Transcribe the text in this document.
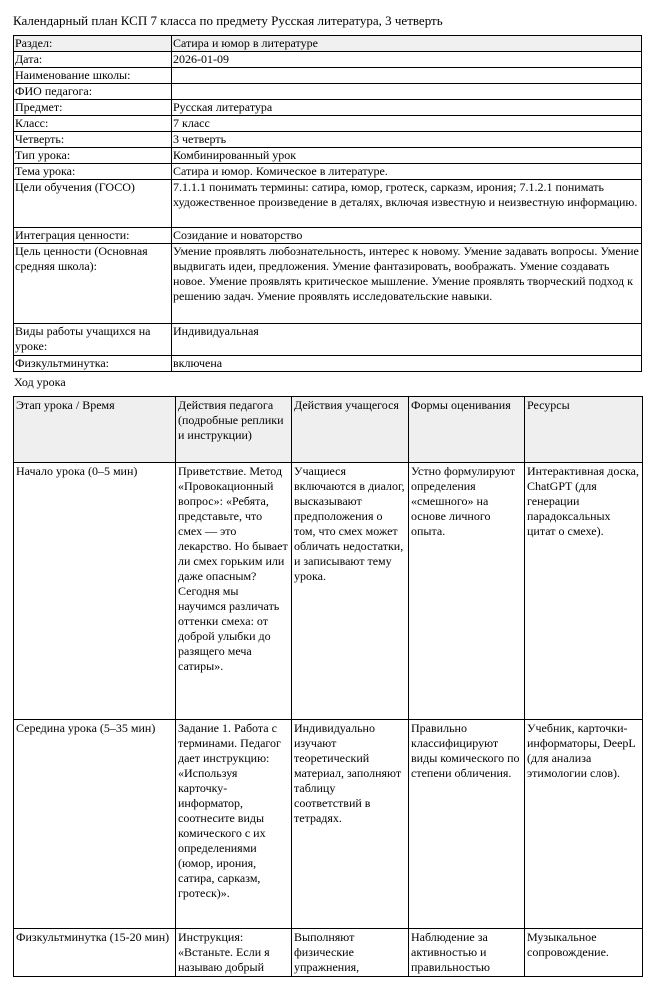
Календарный план КСП 7 класса по предмету Русская литература, 3 четверть
Раздел:	Сатира и юмор в литературе
Дата:	2026-01-09
Наименование школы:	
ФИО педагога:	
Предмет:	Русская литература
Класс:	7 класс
Четверть:	3 четверть
Тип урока:	Комбинированный урок
Тема урока:	Сатира и юмор. Комическое в литературе.
Цели обучения (ГОСО)	7.1.1.1 понимать термины: сатира, юмор, гротеск, сарказм, ирония; 7.1.2.1 понимать художественное произведение в деталях, включая известную и неизвестную информацию.
Интеграция ценности:	Созидание и новаторство
Цель ценности (Основная средняя школа):	Умение проявлять любознательность, интерес к новому. Умение задавать вопросы. Умение выдвигать идеи, предложения. Умение фантазировать, воображать. Умение создавать новое. Умение проявлять критическое мышление. Умение проявлять творческий подход к решению задач. Умение проявлять исследовательские навыки.
Виды работы учащихся на уроке:	Индивидуальная
Физкультминутка:	включена
Ход урока
Этап урока / Время	Действия педагога (подробные реплики и инструкции)	Действия учащегося	Формы оценивания	Ресурсы
Начало урока (0–5 мин)	Приветствие. Метод «Провокационный вопрос»: «Ребята, представьте, что смех — это лекарство. Но бывает ли смех горьким или даже опасным? Сегодня мы научимся различать оттенки смеха: от доброй улыбки до разящего меча сатиры».	Учащиеся включаются в диалог, высказывают предположения о том, что смех может обличать недостатки, и записывают тему урока.	Устно формулируют определения «смешного» на основе личного опыта.	Интерактивная доска, ChatGPT (для генерации парадоксальных цитат о смехе).
Середина урока (5–35 мин)	Задание 1. Работа с терминами. Педагог дает инструкцию: «Используя карточку-информатор, соотнесите виды комического с их определениями (юмор, ирония, сатира, сарказм, гротеск)».	Индивидуально изучают теоретический материал, заполняют таблицу соответствий в тетрадях.	Правильно классифицируют виды комического по степени обличения.	Учебник, карточки-информаторы, DeepL (для анализа этимологии слов).
Физкультминутка (15-20 мин)	Инструкция: «Встаньте. Если я называю добрый	Выполняют физические упражнения,	Наблюдение за активностью и правильностью	Музыкальное сопровождение.
